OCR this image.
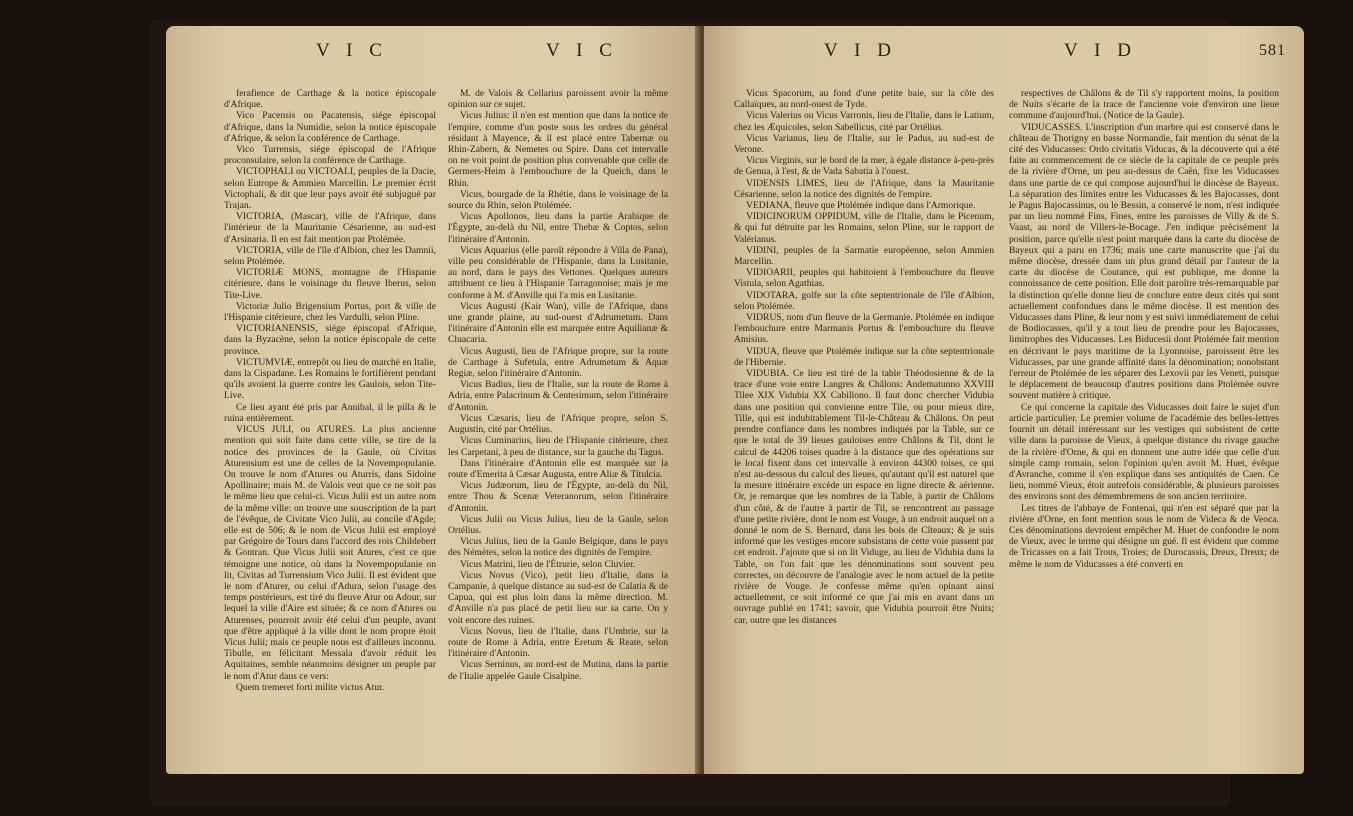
V I C	V I C

ferafience de Carthage & la notice épiscopale d'Afrique.

Vico Pacensis ou Pacatensis, siége épiscopal d'Afrique, dans la Numidie, selon la notice épiscopale d'Afrique, & selon la conférence de Carthage.

Vico Turrensis, siége épiscopal de l'Afrique proconsulaire, selon la conférence de Carthage.

VICTOPHALI ou VICTOALI, peuples de la Dacie, selon Eutrope & Ammien Marcellin. Le premier écrit Victophali, & dit que leur pays avoit été subjugué par Trajan.

VICTORIA, (Mascar), ville de l'Afrique, dans l'intérieur de la Mauritanie Césarienne, au sud-est d'Arsinaria. Il en est fait mention par Ptolémée.

VICTORIA, ville de l'île d'Albion, chez les Damnii, selon Ptolémée.

VICTORIÆ MONS, montagne de l'Hispanie citérieure, dans le voisinage du fleuve Iberus, selon Tite-Live.

Victoriæ Julio Brigensium Portus, port & ville de l'Hispanie citérieure, chez les Vardulli, selon Pline.

VICTORIANENSIS, siége épiscopal d'Afrique, dans la Byzacène, selon la notice épiscopale de cette province.

VICTUMVIÆ, entrepôt ou lieu de marché en Italie, dans la Cispadane. Les Romains le fortifièrent pendant qu'ils avoient la guerre contre les Gaulois, selon Tite-Live.

Ce lieu ayant été pris par Annibal, il le pilla & le ruina entièrement.

VICUS JULI, ou ATURES. La plus ancienne mention qui soit faite dans cette ville, se tire de la notice des provinces de la Gaule, où Civitas Aturensium est une de celles de la Novempopulanie. On trouve le nom d'Atures ou Aturris, dans Sidoine Apollinaire; mais M. de Valois veut que ce ne soit pas le même lieu que celui-ci. Vicus Julii est un autre nom de la même ville: on trouve une souscription de la part de l'évêque, de Civitate Vico Julii, au concile d'Agde; elle est de 506; & le nom de Vicus Julii est employé par Grégoire de Tours dans l'accord des rois Childebert & Gontran. Que Vicus Julii soit Atures, c'est ce que témoigne une notice, où dans la Novempopulanie on lit, Civitas ad Turrensium Vico Julii. Il est évident que le nom d'Aturer, ou celui d'Adura, selon l'usage des temps postérieurs, est tiré du fleuve Atur ou Adour, sur lequel la ville d'Aire est située; & ce nom d'Atures ou Aturenses, pourroit avoir été celui d'un peuple, avant que d'être appliqué à la ville dont le nom propre étoit Vicus Julii; mais ce peuple nous est d'ailleurs inconnu. Tibulle, en félicitant Messala d'avoir réduit les Aquitaines, semble néanmoins désigner un peuple par le nom d'Atur dans ce vers:

Quem tremeret forti milite victus Atur.

M. de Valois & Cellarius paroissent avoir la même opinion sur ce sujet.

Vicus Julius: il n'en est mention que dans la notice de l'empire, comme d'un poste sous les ordres du général résidant à Mayence, & il est placé entre Tabernæ ou Rhin-Zabern, & Nemetes ou Spire. Dans cet intervalle on ne voit point de position plus convenable que celle de Germers-Heim à l'embouchure de la Queich, dans le Rhin.

Vicus, bourgade de la Rhétie, dans le voisinage de la source du Rhin, selon Ptolémée.

Vicus Apollonos, lieu dans la partie Arabique de l'Égypte, au-delà du Nil, entre Thebæ & Coptos, selon l'itinéraire d'Antonin.

Vicus Aquarius (elle paroît répondre à Villa de Pana), ville peu considérable de l'Hispanie, dans la Lusitanie, au nord, dans le pays des Vettones. Quelques auteurs attribuent ce lieu à l'Hispanie Tarragonoise; mais je me conforme à M. d'Anville qui l'a mis en Lusitanie.

Vicus Augusti (Kair Wan), ville de l'Afrique, dans une grande plaine, au sud-ouest d'Adrumetum. Dans l'itinéraire d'Antonin elle est marquée entre Aquilianæ & Cluacaria.

Vicus Augusti, lieu de l'Afrique propre, sur la route de Carthage à Sufetula, entre Adrumetum & Aquæ Regiæ, selon l'itinéraire d'Antonin.

Vicus Badius, lieu de l'Italie, sur la route de Rome à Adria, entre Palacrinum & Centesimum, selon l'itinéraire d'Antonin.

Vicus Cæsaris, lieu de l'Afrique propre, selon S. Augustin, cité par Ortélius.

Vicus Cuminarius, lieu de l'Hispanie citérieure, chez les Carpetani, à peu de distance, sur la gauche du Tagus.

Dans l'itinéraire d'Antonin elle est marquée sur la route d'Emerita à Cæsar Augusta, entre Aliæ & Titulcia.

Vicus Judæorum, lieu de l'Égypte, au-delà du Nil, entre Thou & Scenæ Veteranorum, selon l'itinéraire d'Antonin.

Vicus Julii ou Vicus Julius, lieu de la Gaule, selon Ortélius.

Vicus Julius, lieu de la Gaule Belgique, dans le pays des Némètes, selon la notice des dignités de l'empire.

Vicus Matrini, lieu de l'Étrurie, selon Cluvier.

Vicus Novus (Vico), petit lieu d'Italie, dans la Campanie, à quelque distance au sud-est de Calatia & de Capua, qui est plus loin dans la même direction. M. d'Anville n'a pas placé de petit lieu sur sa carte. On y voit encore des ruines.

Vicus Novus, lieu de l'Italie, dans l'Umbrie, sur la route de Rome à Adria, entre Eretum & Reate, selon l'itinéraire d'Antonin.

Vicus Serninus, au nord-est de Mutina, dans la partie de l'Italie appelée Gaule Cisalpine.

V I D	V I D	581

Vicus Spacorum, au fond d'une petite baie, sur la côte des Callaïques, au nord-ouest de Tyde.

Vicus Valerius ou Vicus Varronis, lieu de l'Italie, dans le Latium, chez les Æquicoles, selon Sabellicus, cité par Ortélius.

Vicus Varianus, lieu de l'Italie, sur le Padus, au sud-est de Verone.

Vicus Virginis, sur le bord de la mer, à égale distance à-peu-près de Genua, à l'est, & de Vada Sabatia à l'ouest.

VIDENSIS LIMES, lieu de l'Afrique, dans la Mauritanie Césarienne, selon la notice des dignités de l'empire.

VEDIANA, fleuve que Ptolémée indique dans l'Armorique.

VIDICINORUM OPPIDUM, ville de l'Italie, dans le Picenum, & qui fut détruite par les Romains, selon Pline, sur le rapport de Valérianus.

VIDINI, peuples de la Sarmatie européenne, selon Ammien Marcellin.

VIDIOARII, peuples qui habitoient à l'embouchure du fleuve Vistula, selon Agathias.

VIDOTARA, golfe sur la côte septentrionale de l'île d'Albion, selon Ptolémée.

VIDRUS, nom d'un fleuve de la Germanie. Ptolémée en indique l'embouchure entre Marmanis Portus & l'embouchure du fleuve Amisius.

VIDUA, fleuve que Ptolémée indique sur la côte septentrionale de l'Hibernie.

VIDUBIA. Ce lieu est tiré de la table Théodosienne & de la trace d'une voie entre Langres & Châlons: Andematunno XXVIII Tilee XIX Vidubia XX Cabillono. Il faut donc chercher Vidubia dans une position qui convienne entre Tile, ou pour mieux dire, Tille, qui est indubitablement Til-le-Château & Châlons. On peut prendre confiance dans les nombres indiqués par la Table, sur ce que le total de 39 lieues gauloises entre Châlons & Til, dont le calcul de 44206 toises quadre à la distance que des opérations sur le local fixent dans cet intervalle à environ 44300 toises, ce qui n'est au-dessous du calcul des lieues, qu'autant qu'il est naturel que la mesure itinéraire excède un espace en ligne directe & aérienne. Or, je remarque que les nombres de la Table, à partir de Châlons d'un côté, & de l'autre à partir de Til, se rencontrent au passage d'une petite rivière, dont le nom est Vouge, à un endroit auquel on a donné le nom de S. Bernard, dans les bois de Cîteaux; & je suis informé que les vestiges encore subsistans de cette voie passent par cet endroit. J'ajoute que si on lit Viduge, au lieu de Vidubia dans la Table, on l'on fait que les dénominations sont souvent peu correctes, on découvre de l'analogie avec le nom actuel de la petite rivière de Vouge. Je confesse même qu'en opinant ainsi actuellement, ce soit informé ce que j'ai mis en avant dans un ouvrage publié en 1741; savoir, que Vidubia pourroit être Nuits; car, outre que les distances

respectives de Châlons & de Til s'y rapportent moins, la position de Nuits s'écarte de la trace de l'ancienne voie d'environ une lieue commune d'aujourd'hui. (Notice de la Gaule).

VIDUCASSES. L'inscription d'un marbre qui est conservé dans le château de Thorigny en basse Normandie, fait mention du sénat de la cité des Viducasses: Ordo civitatis Viducas, & la découverte qui a été faite au commencement de ce siècle de la capitale de ce peuple près de la rivière d'Orne, un peu au-dessus de Caën, fixe les Viducasses dans une partie de ce qui compose aujourd'hui le diocèse de Bayeux. La séparation des limites entre les Viducasses & les Bajocasses, dont le Pagus Bajocassinus, ou le Bessin, a conservé le nom, n'est indiquée par un lieu nommé Fins, Fines, entre les paroisses de Villy & de S. Vaast, au nord de Villers-le-Bocage. J'en indique précisément la position, parce qu'elle n'est point marquée dans la carte du diocèse de Bayeux qui a paru en 1736; mais une carte manuscrite que j'ai du même diocèse, dressée dans un plus grand détail par l'auteur de la carte du diocèse de Coutance, qui est publique, me donne la connoissance de cette position. Elle doit paroître très-remarquable par la distinction qu'elle donne lieu de conclure entre deux cités qui sont actuellement confondues dans le même diocèse. Il est mention des Viducasses dans Pline, & leur nom y est suivi immédiatement de celui de Bodiocasses, qu'il y a tout lieu de prendre pour les Bajocasses, limitrophes des Viducasses. Les Biducesii dont Ptolémée fait mention en décrivant le pays maritime de la Lyonnoise, paroissent être les Viducasses, par une grande affinité dans la dénomination; nonobstant l'erreur de Ptolémée de les séparer des Lexovii par les Veneti, puisque le déplacement de beaucoup d'autres positions dans Ptolémée ouvre souvent matière à critique.

Ce qui concerne la capitale des Viducasses doit faire le sujet d'un article particulier. Le premier volume de l'académie des belles-lettres fournit un détail intéressant sur les vestiges qui subsistent de cette ville dans la paroisse de Vieux, à quelque distance du rivage gauche de la rivière d'Orne, & qui en donnent une autre idée que celle d'un simple camp romain, selon l'opinion qu'en avoit M. Huet, évêque d'Avranche, comme il s'en explique dans ses antiquités de Caen. Ce lieu, nommé Vieux, étoit autrefois considérable, & plusieurs paroisses des environs sont des démembremens de son ancien territoire.

Les titres de l'abbaye de Fontenai, qui n'en est séparé que par la rivière d'Orne, en font mention sous le nom de Videca & de Veoca. Ces dénominations devroient empêcher M. Huet de confondre le nom de Vieux, avec le terme qui désigne un gué. Il est évident que comme de Tricasses on a fait Trous, Troies; de Durocassis, Dreux, Dreux; de même le nom de Viducasses a été converti en
